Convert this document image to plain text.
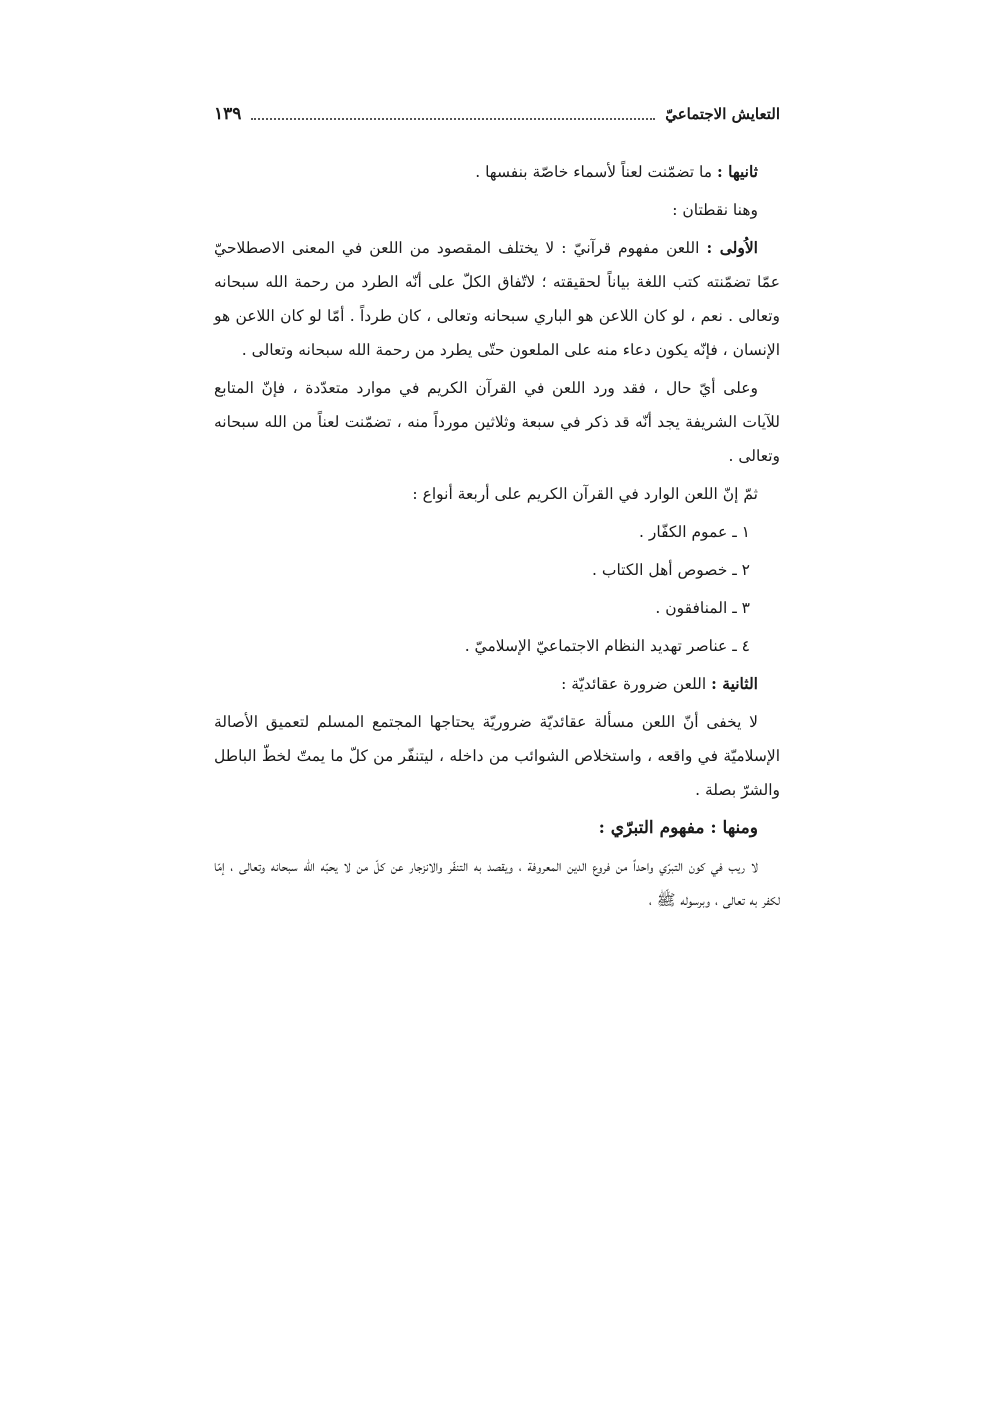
التعايش الاجتماعيّ
١٣٩

ثانيها : ما تضمّنت لعناً لأسماء خاصّة بنفسها .

وهنا نقطتان :

الاُولى : اللعن مفهوم قرآنيّ : لا يختلف المقصود من اللعن في المعنى الاصطلاحيّ عمّا تضمّنته كتب اللغة بياناً لحقيقته ؛ لاتّفاق الكلّ على أنّه الطرد من رحمة الله سبحانه وتعالى . نعم ، لو كان اللاعن هو الباري سبحانه وتعالى ، كان طرداً . أمّا لو كان اللاعن هو الإنسان ، فإنّه يكون دعاء منه على الملعون حتّى يطرد من رحمة الله سبحانه وتعالى .

وعلى أيّ حال ، فقد ورد اللعن في القرآن الكريم في موارد متعدّدة ، فإنّ المتابع للآيات الشريفة يجد أنّه قد ذكر في سبعة وثلاثين مورداً منه ، تضمّنت لعناً من الله سبحانه وتعالى .

ثمّ إنّ اللعن الوارد في القرآن الكريم على أربعة أنواع :

١ ـ عموم الكفّار .

٢ ـ خصوص أهل الكتاب .

٣ ـ المنافقون .

٤ ـ عناصر تهديد النظام الاجتماعيّ الإسلاميّ .

الثانية : اللعن ضرورة عقائديّة :

لا يخفى أنّ اللعن مسألة عقائديّة ضروريّة يحتاجها المجتمع المسلم لتعميق الأصالة الإسلاميّة في واقعه ، واستخلاص الشوائب من داخله ، ليتنفّر من كلّ ما يمتّ لخطّ الباطل والشرّ بصلة .

ومنها : مفهوم التبرّي :

لا ريب في كون التبرّي واحداً من فروع الدين المعروفة ، ويقصد به التنفّر والانزجار عن كلّ من لا يحبّه الله سبحانه وتعالى ، إمّا لكفر به تعالى ، وبرسوله ﷺ ،
